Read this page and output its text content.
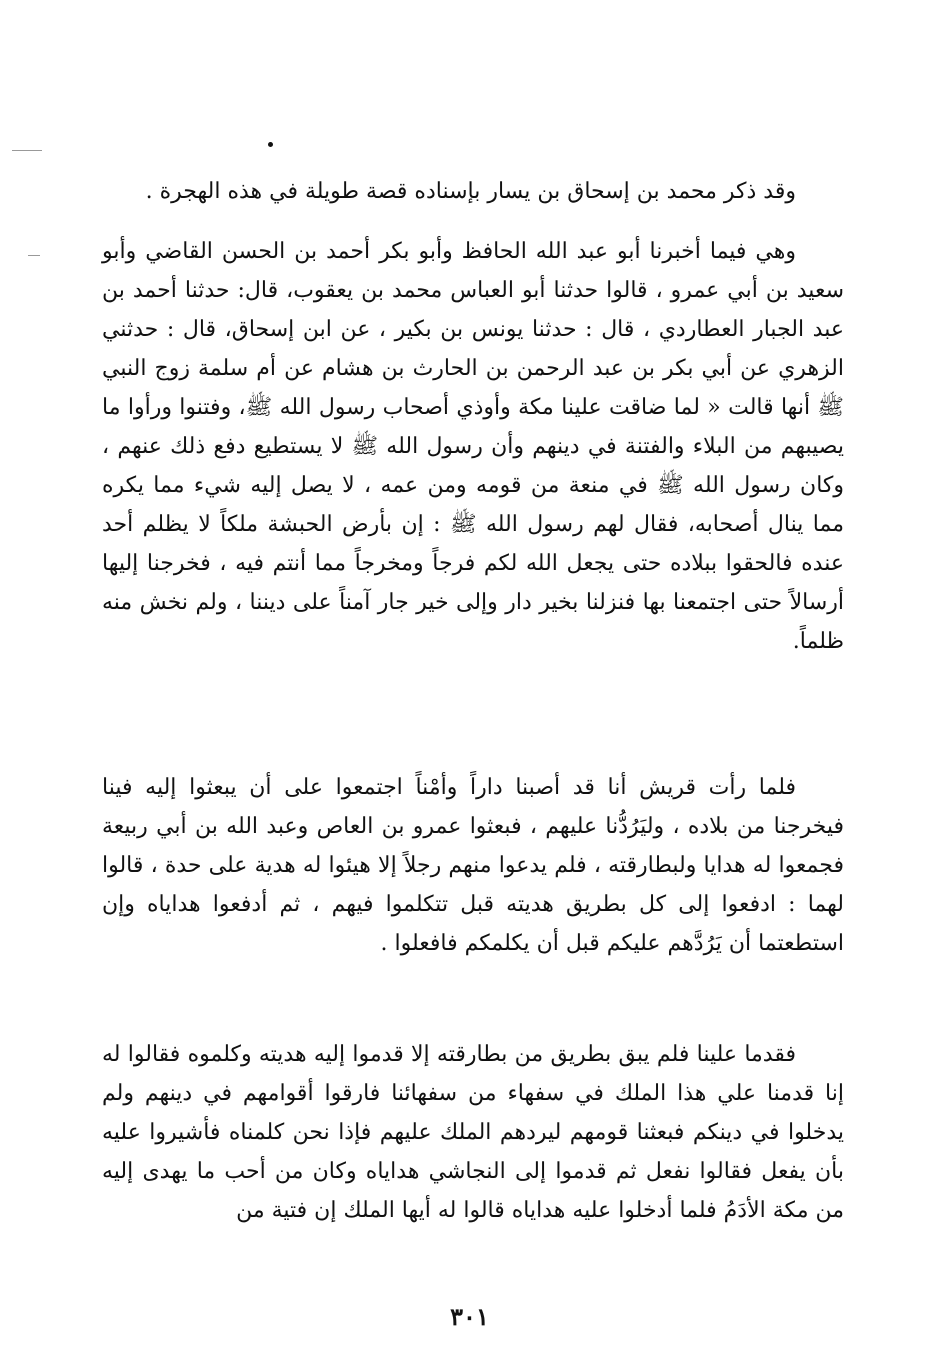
وقد ذكر محمد بن إسحاق بن يسار بإسناده قصة طويلة في هذه الهجرة .

وهي فيما أخبرنا أبو عبد الله الحافظ وأبو بكر أحمد بن الحسن القاضي وأبو سعيد بن أبي عمرو ، قالوا حدثنا أبو العباس محمد بن يعقوب، قال: حدثنا أحمد بن عبد الجبار العطاردي ، قال : حدثنا يونس بن بكير ، عن ابن إسحاق، قال : حدثني الزهري عن أبي بكر بن عبد الرحمن بن الحارث بن هشام عن أم سلمة زوج النبي ﷺ أنها قالت « لما ضاقت علينا مكة وأوذي أصحاب رسول الله ﷺ، وفتنوا ورأوا ما يصيبهم من البلاء والفتنة في دينهم وأن رسول الله ﷺ لا يستطيع دفع ذلك عنهم ، وكان رسول الله ﷺ في منعة من قومه ومن عمه ، لا يصل إليه شيء مما يكره مما ينال أصحابه، فقال لهم رسول الله ﷺ : إن بأرض الحبشة ملكاً لا يظلم أحد عنده فالحقوا ببلاده حتى يجعل الله لكم فرجاً ومخرجاً مما أنتم فيه ، فخرجنا إليها أرسالاً حتى اجتمعنا بها فنزلنا بخير دار وإلى خير جار آمناً على ديننا ، ولم نخش منه ظلماً.

فلما رأت قريش أنا قد أصبنا داراً وأمْناً اجتمعوا على أن يبعثوا إليه فينا فيخرجنا من بلاده ، وليَرُدُّنا عليهم ، فبعثوا عمرو بن العاص وعبد الله بن أبي ربيعة فجمعوا له هدايا ولبطارقته ، فلم يدعوا منهم رجلاً إلا هيئوا له هدية على حدة ، قالوا لهما : ادفعوا إلى كل بطريق هديته قبل تتكلموا فيهم ، ثم أدفعوا هداياه وإن استطعتما أن يَرُدَّهم عليكم قبل أن يكلمكم فافعلوا .

فقدما علينا فلم يبق بطريق من بطارقته إلا قدموا إليه هديته وكلموه فقالوا له إنا قدمنا علي هذا الملك في سفهاء من سفهائنا فارقوا أقوامهم في دينهم ولم يدخلوا في دينكم فبعثنا قومهم ليردهم الملك عليهم فإذا نحن كلمناه فأشيروا عليه بأن يفعل فقالوا نفعل ثم قدموا إلى النجاشي هداياه وكان من أحب ما يهدى إليه من مكة الأدَمُ فلما أدخلوا عليه هداياه قالوا له أيها الملك إن فتية من

٣٠١
